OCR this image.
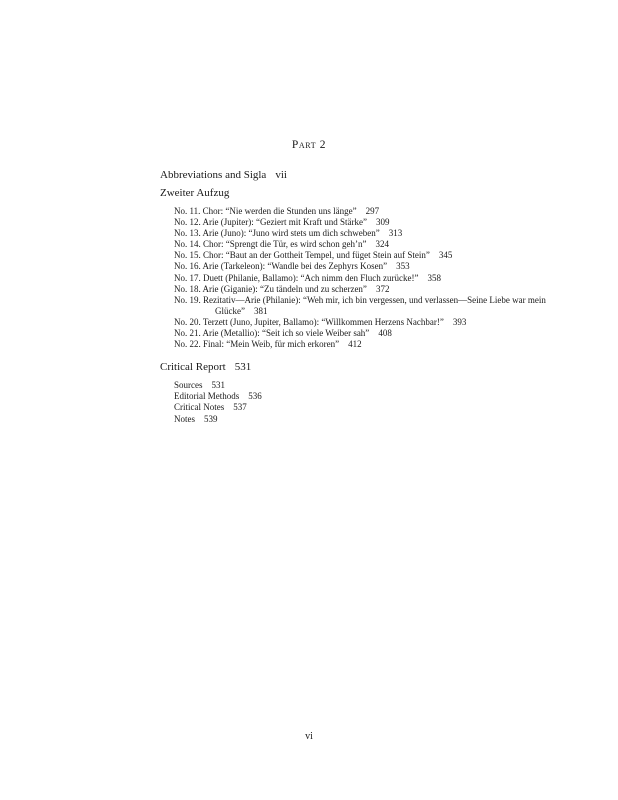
Part 2
Abbreviations and Sigla vii
Zweiter Aufzug
No. 11. Chor: “Nie werden die Stunden uns länge” 297
No. 12. Arie (Jupiter): “Geziert mit Kraft und Stärke” 309
No. 13. Arie (Juno): “Juno wird stets um dich schweben” 313
No. 14. Chor: “Sprengt die Tür, es wird schon geh’n” 324
No. 15. Chor: “Baut an der Gottheit Tempel, und füget Stein auf Stein” 345
No. 16. Arie (Tarkeleon): “Wandle bei des Zephyrs Kosen” 353
No. 17. Duett (Philanie, Ballamo): “Ach nimm den Fluch zurücke!” 358
No. 18. Arie (Giganie): “Zu tändeln und zu scherzen” 372
No. 19. Rezitativ—Arie (Philanie): “Weh mir, ich bin vergessen, und verlassen—Seine Liebe war mein Glücke” 381
No. 20. Terzett (Juno, Jupiter, Ballamo): “Willkommen Herzens Nachbar!” 393
No. 21. Arie (Metallio): “Seit ich so viele Weiber sah” 408
No. 22. Final: “Mein Weib, für mich erkoren” 412
Critical Report 531
Sources 531
Editorial Methods 536
Critical Notes 537
Notes 539
vi
